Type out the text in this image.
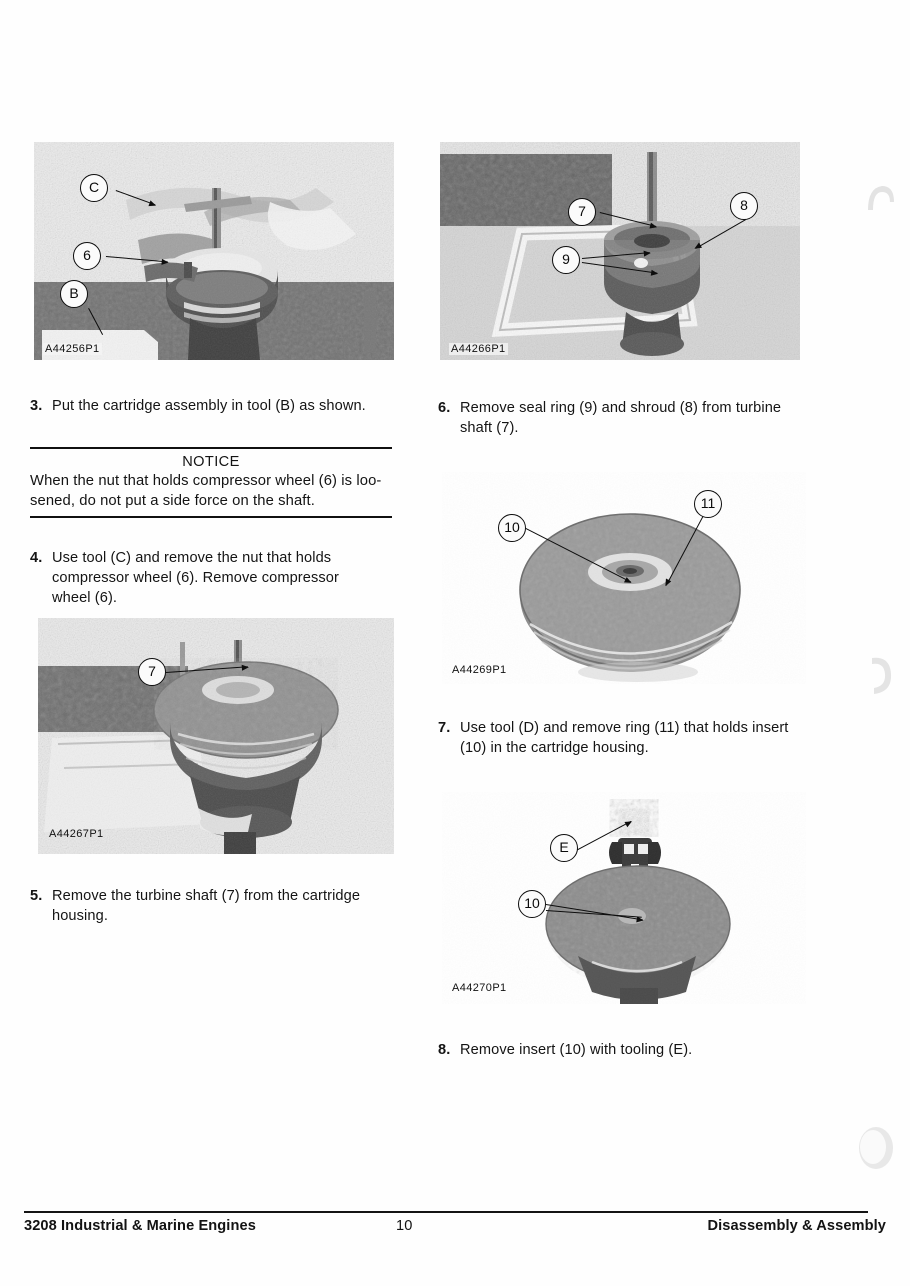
C
6
B
A44256P1
7	8
9
A44266P1
7
A44267P1
10
11
A44269P1
E
10
A44270P1
3. Put the cartridge assembly in tool (B) as shown.
NOTICE
When the nut that holds compressor wheel (6) is loo-
sened, do not put a side force on the shaft.
4. Use tool (C) and remove the nut that holds compressor wheel (6). Remove compressor wheel (6).
5. Remove the turbine shaft (7) from the cartridge housing.
6. Remove seal ring (9) and shroud (8) from turbine shaft (7).
7. Use tool (D) and remove ring (11) that holds insert (10) in the cartridge housing.
8. Remove insert (10) with tooling (E).
3208 Industrial & Marine Engines	10	Disassembly & Assembly
